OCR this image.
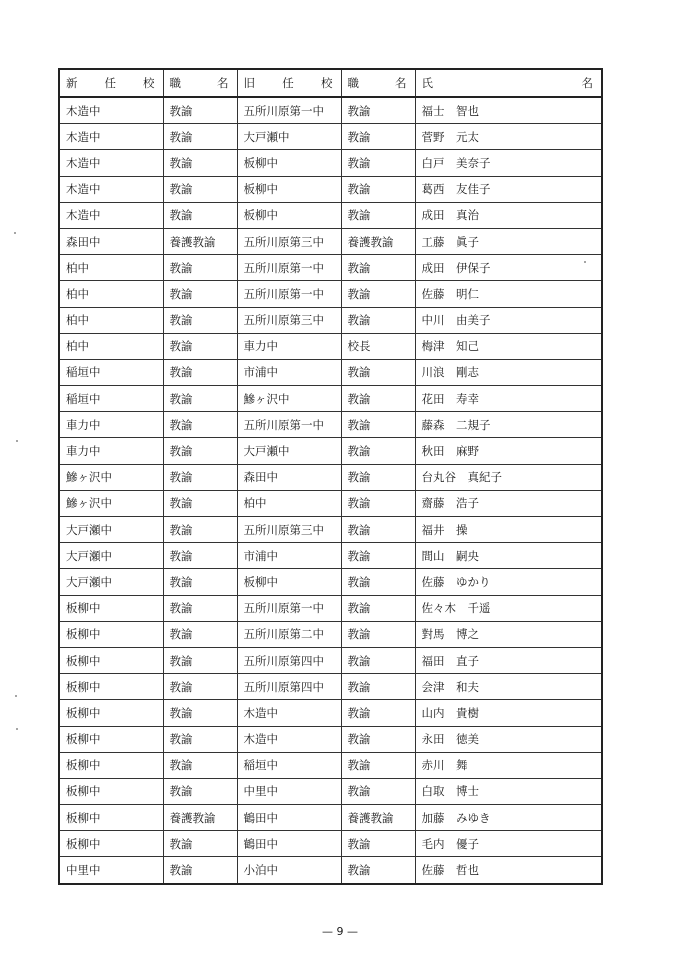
新 任 校	職 名	旧 任 校	職 名	氏 名

木造中	教諭	五所川原第一中	教諭	福士　智也
木造中	教諭	大戸瀬中	教諭	菅野　元太
木造中	教諭	板柳中	教諭	白戸　美奈子
木造中	教諭	板柳中	教諭	葛西　友佳子
木造中	教諭	板柳中	教諭	成田　真治
森田中	養護教諭	五所川原第三中	養護教諭	工藤　眞子
柏中	教諭	五所川原第一中	教諭	成田　伊保子
柏中	教諭	五所川原第一中	教諭	佐藤　明仁
柏中	教諭	五所川原第三中	教諭	中川　由美子
柏中	教諭	車力中	校長	梅津　知己
稲垣中	教諭	市浦中	教諭	川浪　剛志
稲垣中	教諭	鰺ヶ沢中	教諭	花田　寿幸
車力中	教諭	五所川原第一中	教諭	藤森　二規子
車力中	教諭	大戸瀬中	教諭	秋田　麻野
鰺ヶ沢中	教諭	森田中	教諭	台丸谷　真紀子
鰺ヶ沢中	教諭	柏中	教諭	齋藤　浩子
大戸瀬中	教諭	五所川原第三中	教諭	福井　操
大戸瀬中	教諭	市浦中	教諭	間山　嗣央
大戸瀬中	教諭	板柳中	教諭	佐藤　ゆかり
板柳中	教諭	五所川原第一中	教諭	佐々木　千遥
板柳中	教諭	五所川原第二中	教諭	對馬　博之
板柳中	教諭	五所川原第四中	教諭	福田　直子
板柳中	教諭	五所川原第四中	教諭	会津　和夫
板柳中	教諭	木造中	教諭	山内　貴樹
板柳中	教諭	木造中	教諭	永田　徳美
板柳中	教諭	稲垣中	教諭	赤川　舞
板柳中	教諭	中里中	教諭	白取　博士
板柳中	養護教諭	鶴田中	養護教諭	加藤　みゆき
板柳中	教諭	鶴田中	教諭	毛内　優子
中里中	教諭	小泊中	教諭	佐藤　哲也
— 9 —
